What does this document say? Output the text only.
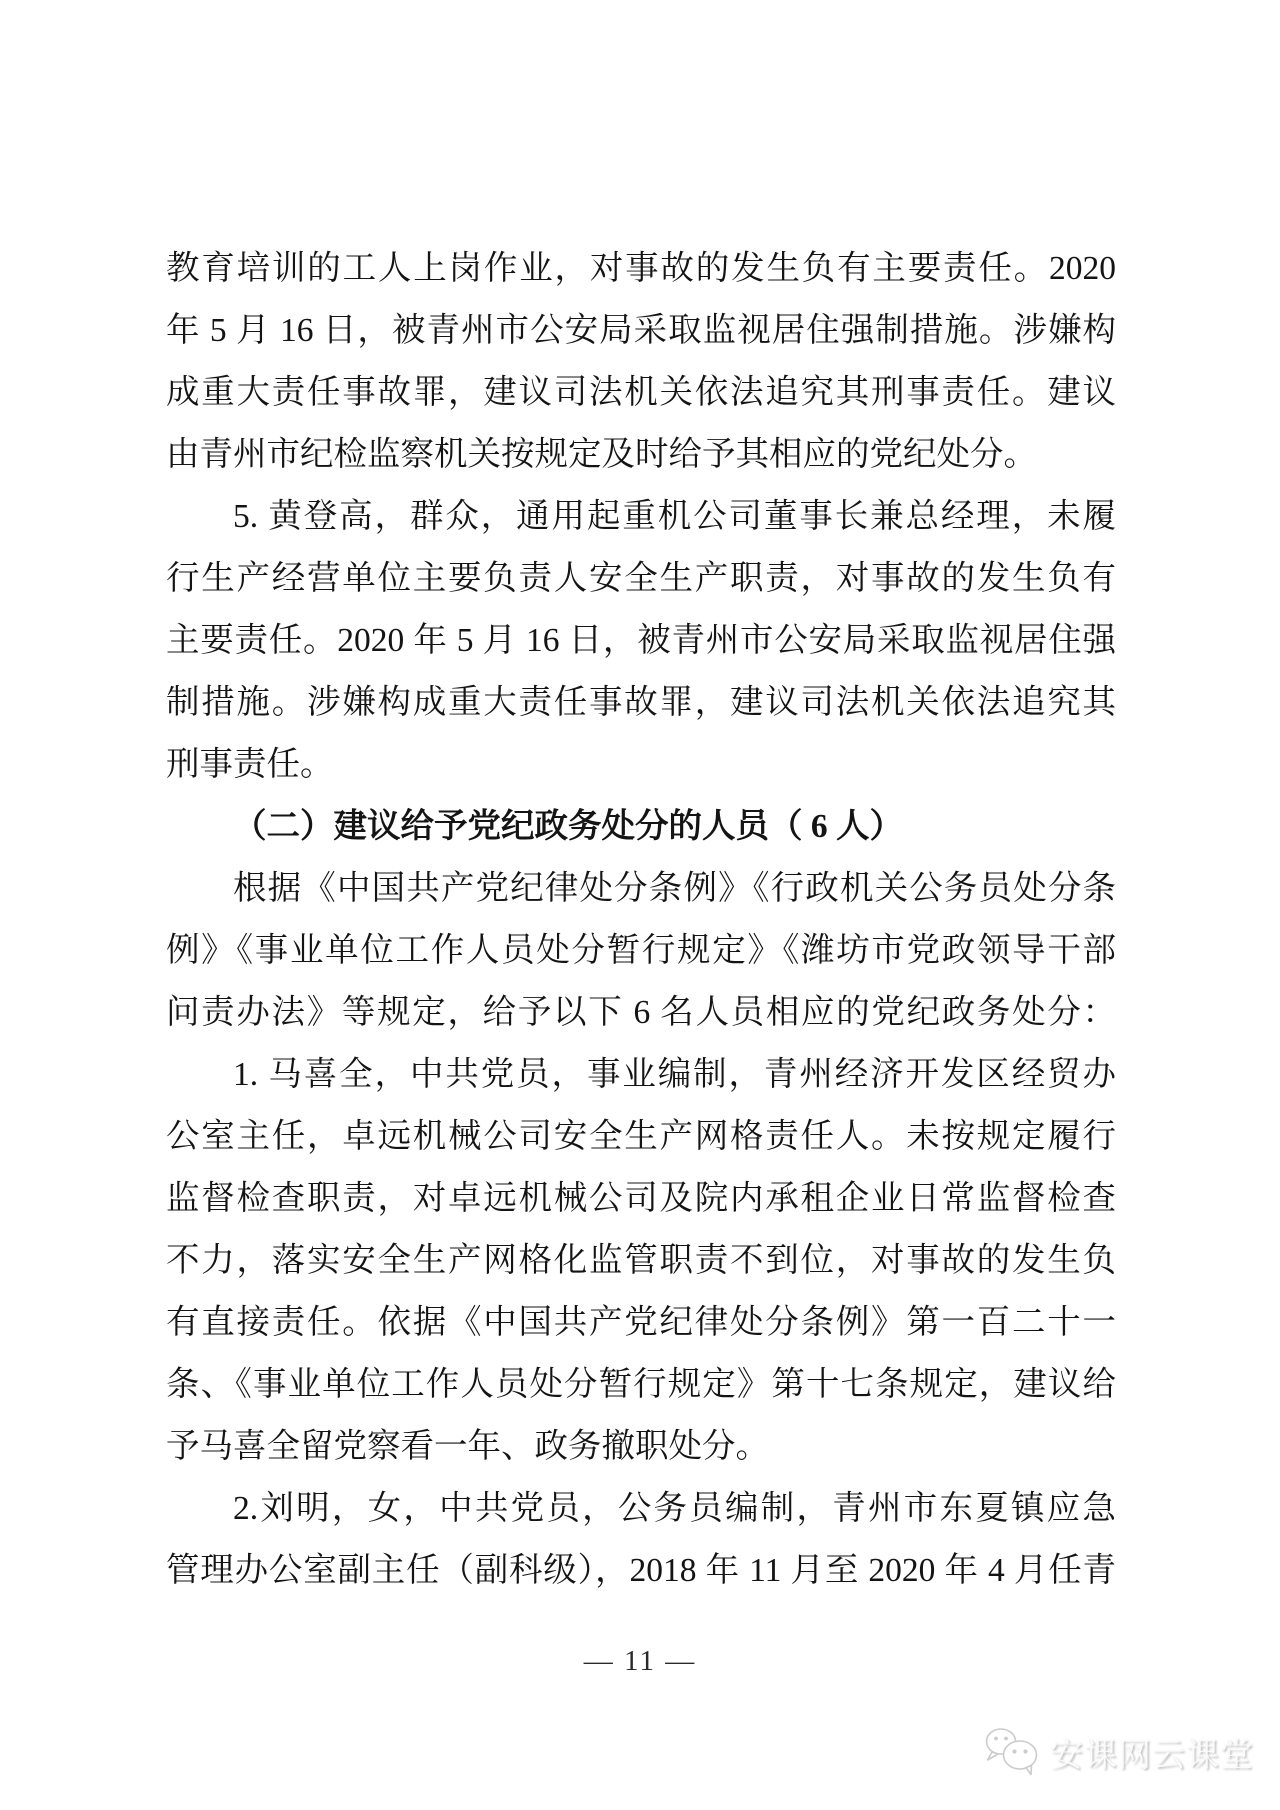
教育培训的工人上岗作业，对事故的发生负有主要责任。2020
年 5 月 16 日，被青州市公安局采取监视居住强制措施。涉嫌构
成重大责任事故罪，建议司法机关依法追究其刑事责任。建议
由青州市纪检监察机关按规定及时给予其相应的党纪处分。
5. 黄登高，群众，通用起重机公司董事长兼总经理，未履
行生产经营单位主要负责人安全生产职责，对事故的发生负有
主要责任。2020 年 5 月 16 日，被青州市公安局采取监视居住强
制措施。涉嫌构成重大责任事故罪，建议司法机关依法追究其
刑事责任。
（二）建议给予党纪政务处分的人员（ 6 人）
根据《中国共产党纪律处分条例》《行政机关公务员处分条
例》《事业单位工作人员处分暂行规定》《潍坊市党政领导干部
问责办法》等规定，给予以下 6 名人员相应的党纪政务处分：
1. 马喜全，中共党员，事业编制，青州经济开发区经贸办
公室主任，卓远机械公司安全生产网格责任人。未按规定履行
监督检查职责，对卓远机械公司及院内承租企业日常监督检查
不力，落实安全生产网格化监管职责不到位，对事故的发生负
有直接责任。依据《中国共产党纪律处分条例》第一百二十一
条、《事业单位工作人员处分暂行规定》第十七条规定，建议给
予马喜全留党察看一年、政务撤职处分。
2.刘明，女，中共党员，公务员编制，青州市东夏镇应急
管理办公室副主任（副科级），2018 年 11 月至 2020 年 4 月任青
— 11 —
安课网云课堂
